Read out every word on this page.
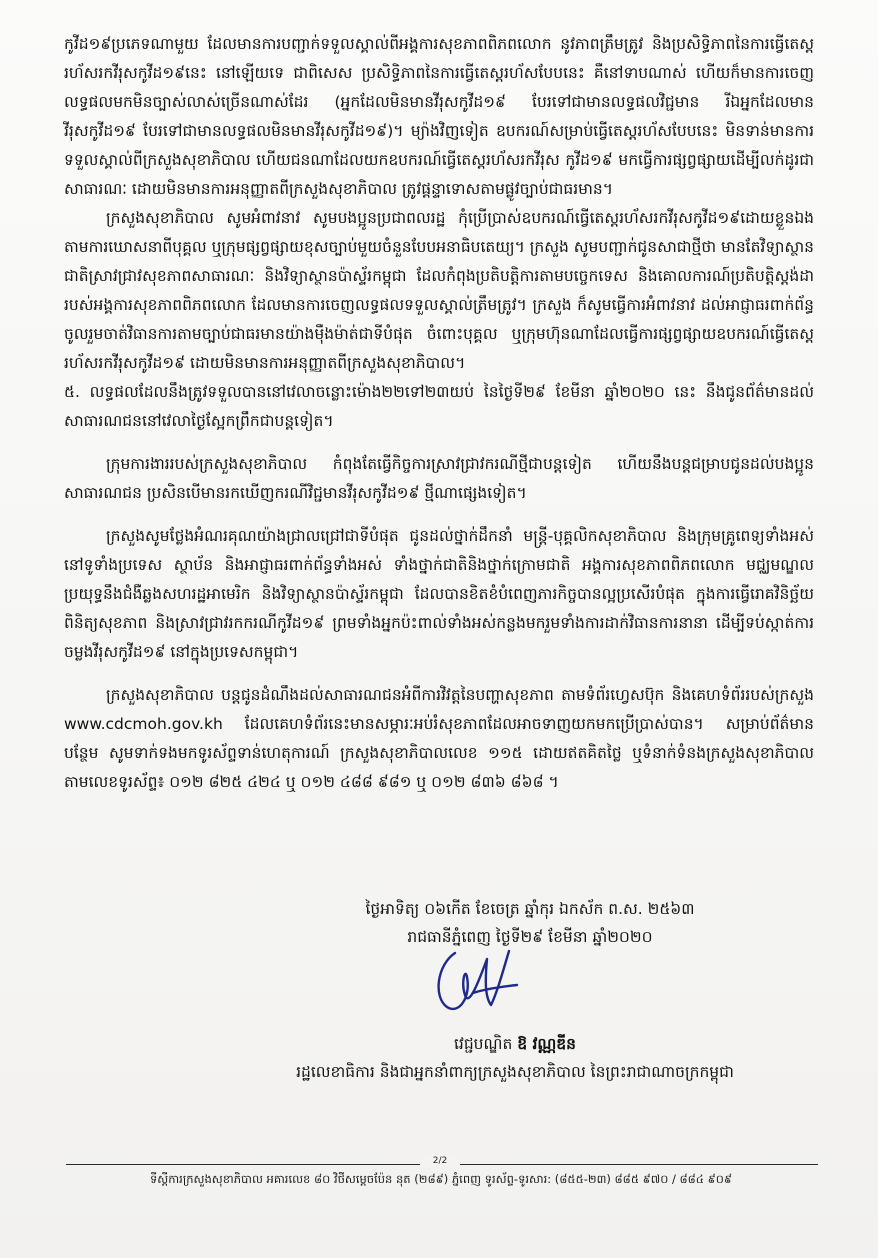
កូវីដ១៩ប្រភេទណាមួយ ដែលមានការបញ្ជាក់ទទួលស្គាល់ពីអង្គការសុខភាពពិភពលោក នូវភាពត្រឹមត្រូវ និងប្រសិទ្ធិភាពនៃការធ្វើតេស្តរហ័សរកវីរុសកូវីដ១៩នេះ នៅឡើយទេ ជាពិសេស ប្រសិទ្ធិភាពនៃការធ្វើតេស្តរហ័សបែបនេះ គឺនៅទាបណាស់ ហើយក៏មានការចេញលទ្ធផលមកមិនច្បាស់លាស់ច្រើនណាស់ដែរ (អ្នកដែលមិនមានវីរុសកូវីដ១៩ បែរទៅជាមានលទ្ធផលវិជ្ជមាន រីឯអ្នកដែលមានវីរុសកូវីដ១៩ បែរទៅជាមានលទ្ធផលមិនមានវីរុសកូវីដ១៩)។ ម្យ៉ាងវិញទៀត ឧបករណ៍សម្រាប់ធ្វើតេស្តរហ័សបែបនេះ មិនទាន់មានការទទួលស្គាល់ពីក្រសួងសុខាភិបាល ហើយជនណាដែលយកឧបករណ៍ធ្វើតេស្តរហ័សរកវីរុស កូវីដ១៩ មកធ្វើការផ្សព្វផ្សាយដើម្បីលក់ដូរជាសាធារណៈ ដោយមិនមានការអនុញ្ញាតពីក្រសួងសុខាភិបាល ត្រូវផ្តន្ទាទោសតាមផ្លូវច្បាប់ជាធរមាន។

ក្រសួងសុខាភិបាល សូមអំពាវនាវ សូមបងប្អូនប្រជាពលរដ្ឋ កុំប្រើប្រាស់ឧបករណ៍ធ្វើតេស្តរហ័សរកវីរុសកូវីដ១៩ដោយខ្លួនឯង តាមការឃោសនាពីបុគ្គល ឬក្រុមផ្សព្វផ្សាយខុសច្បាប់មួយចំនួនបែបអនាធិបតេយ្យ។ ក្រសួង សូមបញ្ជាក់ជូនសាជាថ្មីថា មានតែវិទ្យាស្ថានជាតិស្រាវជ្រាវសុខភាពសាធារណៈ និងវិទ្យាស្ថានប៉ាស្ទ័រកម្ពុជា ដែលកំពុងប្រតិបត្តិការតាមបច្ចេកទេស និងគោលការណ៍ប្រតិបត្តិស្តង់ដារបស់អង្គការសុខភាពពិភពលោក ដែលមានការចេញលទ្ធផលទទួលស្គាល់ត្រឹមត្រូវ។ ក្រសួង ក៏សូមធ្វើការអំពាវនាវ ដល់អាជ្ញាធរពាក់ព័ន្ធ ចូលរួមចាត់វិធានការតាមច្បាប់ជាធរមានយ៉ាងម៉ឺងម៉ាត់ជាទីបំផុត ចំពោះបុគ្គល ឬក្រុមហ៊ុនណាដែលធ្វើការផ្សព្វផ្សាយឧបករណ៍ធ្វើតេស្តរហ័សរកវីរុសកូវីដ១៩ ដោយមិនមានការអនុញ្ញាតពីក្រសួងសុខាភិបាល។

៥. លទ្ធផលដែលនឹងត្រូវទទួលបាននៅវេលាចន្លោះម៉ោង២២ទៅ២៣យប់ នៃថ្ងៃទី២៩ ខែមីនា ឆ្នាំ២០២០ នេះ នឹងជូនព័ត៌មានដល់សាធារណជននៅវេលាថ្ងៃស្អែកព្រឹកជាបន្តទៀត។

ក្រុមការងាររបស់ក្រសួងសុខាភិបាល កំពុងតែធ្វើកិច្ចការស្រាវជ្រាវករណីថ្មីជាបន្តទៀត ហើយនឹងបន្តជម្រាបជូនដល់បងប្អូនសាធារណជន ប្រសិនបើមានរកឃើញករណីវិជ្ជមានវីរុសកូវីដ១៩ ថ្មីណាផ្សេងទៀត។

ក្រសួងសូមថ្លែងអំណរគុណយ៉ាងជ្រាលជ្រៅជាទីបំផុត ជូនដល់ថ្នាក់ដឹកនាំ មន្ត្រី-បុគ្គលិកសុខាភិបាល និងក្រុមគ្រូពេទ្យទាំងអស់នៅទូទាំងប្រទេស ស្ថាប័ន និងអាជ្ញាធរពាក់ព័ន្ធទាំងអស់ ទាំងថ្នាក់ជាតិនិងថ្នាក់ក្រោមជាតិ អង្គការសុខភាពពិភពលោក មជ្ឈមណ្ឌលប្រយុទ្ធនឹងជំងឺឆ្លងសហរដ្ឋអាមេរិក និងវិទ្យាស្ថានប៉ាស្ទ័រកម្ពុជា ដែលបានខិតខំបំពេញភារកិច្ចបានល្អប្រសើរបំផុត ក្នុងការធ្វើរោគវិនិច្ឆ័យពិនិត្យសុខភាព និងស្រាវជ្រាវរកករណីកូវីដ១៩ ព្រមទាំងអ្នកប៉ះពាល់ទាំងអស់កន្លងមករួមទាំងការដាក់វិធានការនានា ដើម្បីទប់ស្កាត់ការចម្លងវីរុសកូវីដ១៩ នៅក្នុងប្រទេសកម្ពុជា។

ក្រសួងសុខាភិបាល បន្តជូនដំណឹងដល់សាធារណជនអំពីការវិវត្តនៃបញ្ហាសុខភាព តាមទំព័រហ្វេសប៊ុក និងគេហទំព័ររបស់ក្រសួង www.cdcmoh.gov.kh ដែលគេហទំព័រនេះមានសម្ភារៈអប់រំសុខភាពដែលអាចទាញយកមកប្រើប្រាស់បាន។ សម្រាប់ព័ត៌មានបន្ថែម សូមទាក់ទងមកទូរស័ព្ទទាន់ហេតុការណ៍ ក្រសួងសុខាភិបាលលេខ ១១៥ ដោយឥតគិតថ្លៃ ឬទំនាក់ទំនងក្រសួងសុខាភិបាល តាមលេខទូរស័ព្ទ៖ ០១២ ៨២៥ ៤២៤ ឬ ០១២ ៤៨៨ ៩៨១ ឬ ០១២ ៨៣៦ ៨៦៨ ។

ថ្ងៃអាទិត្យ ០៦កើត ខែចេត្រ ឆ្នាំកុរ ឯកស័ក ព.ស. ២៥៦៣
រាជធានីភ្នំពេញ ថ្ងៃទី២៩ ខែមីនា ឆ្នាំ២០២០
វេជ្ជបណ្ឌិត ឱ វណ្ណឌីន
រដ្ឋលេខាធិការ និងជាអ្នកនាំពាក្យក្រសួងសុខាភិបាល នៃព្រះរាជាណាចក្រកម្ពុជា
2/2
ទីស្តីការក្រសួងសុខាភិបាល អគារលេខ ៨០ វិថីសម្តេចប៉ែន នុត (២៨៩) ភ្នំពេញ ទូរស័ព្ទ-ទូរសារ: (៨៥៥-២៣) ៨៨៥ ៩៧០ / ៨៨៤ ៩០៩
